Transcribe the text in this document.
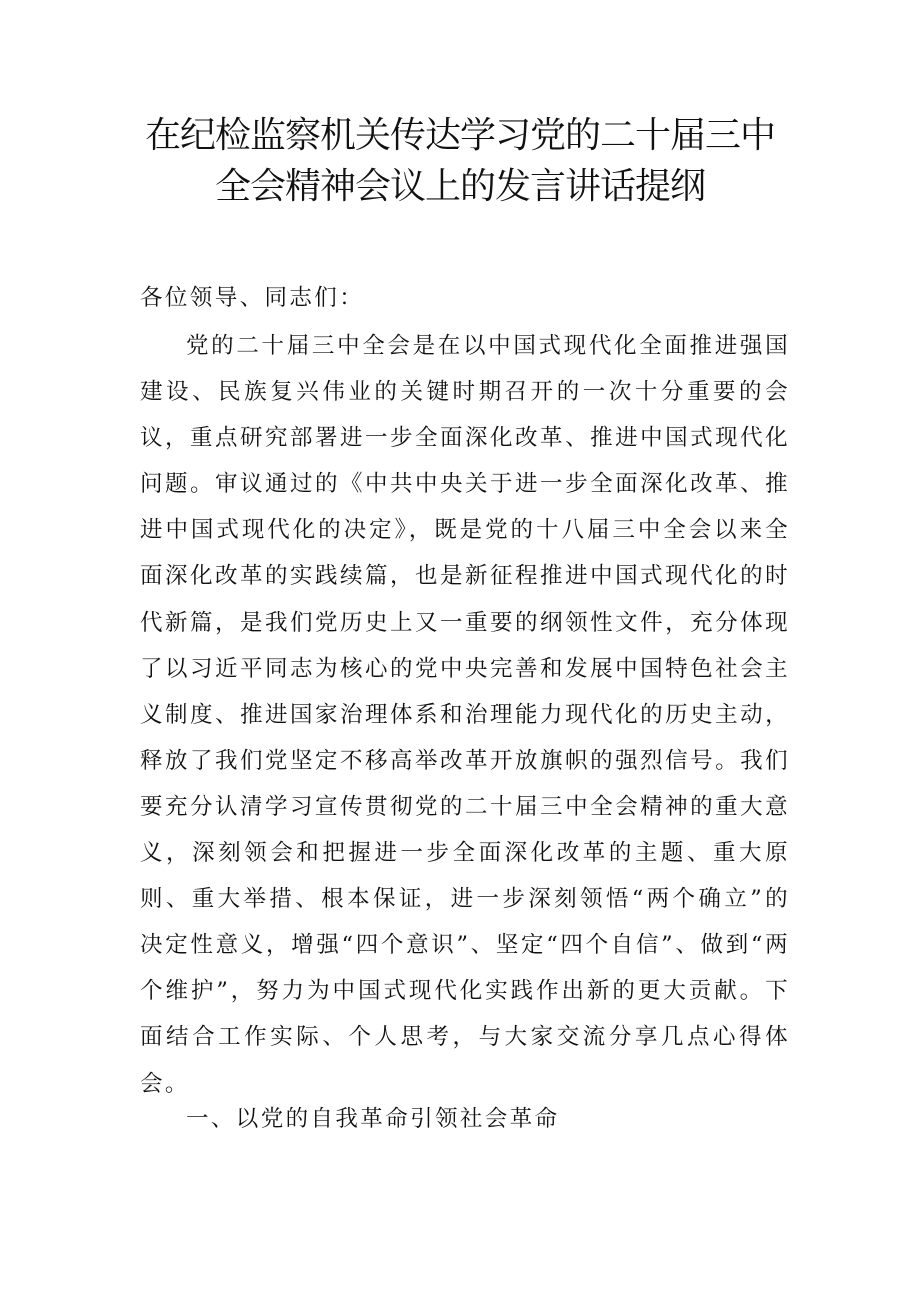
在纪检监察机关传达学习党的二十届三中
全会精神会议上的发言讲话提纲

各位领导、同志们：

党的二十届三中全会是在以中国式现代化全面推进强国建设、民族复兴伟业的关键时期召开的一次十分重要的会议，重点研究部署进一步全面深化改革、推进中国式现代化问题。审议通过的《中共中央关于进一步全面深化改革、推进中国式现代化的决定》，既是党的十八届三中全会以来全面深化改革的实践续篇，也是新征程推进中国式现代化的时代新篇，是我们党历史上又一重要的纲领性文件，充分体现了以习近平同志为核心的党中央完善和发展中国特色社会主义制度、推进国家治理体系和治理能力现代化的历史主动，释放了我们党坚定不移高举改革开放旗帜的强烈信号。我们要充分认清学习宣传贯彻党的二十届三中全会精神的重大意义，深刻领会和把握进一步全面深化改革的主题、重大原则、重大举措、根本保证，进一步深刻领悟“两个确立”的决定性意义，增强“四个意识”、坚定“四个自信”、做到“两个维护”，努力为中国式现代化实践作出新的更大贡献。下面结合工作实际、个人思考，与大家交流分享几点心得体会。

一、以党的自我革命引领社会革命
